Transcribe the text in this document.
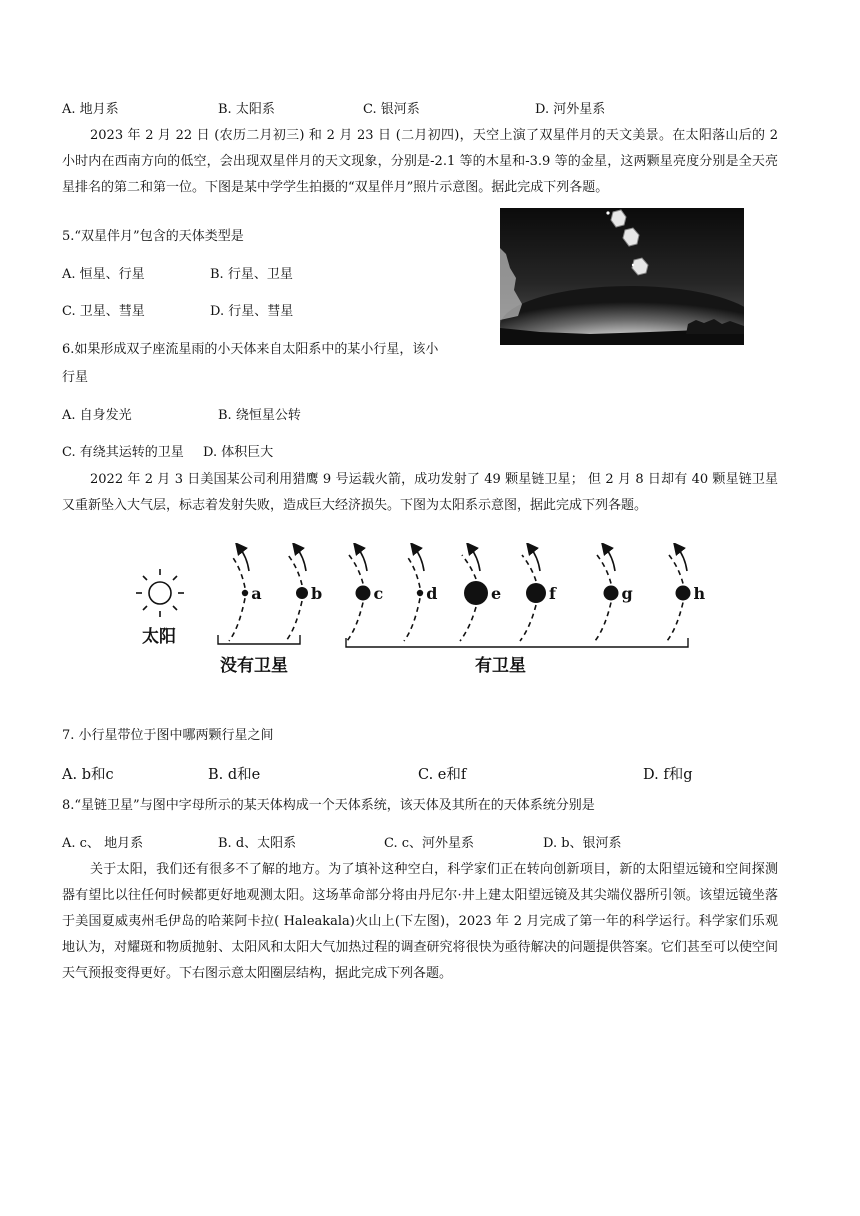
A. 地月系	B. 太阳系	C. 银河系	D. 河外星系
2023 年 2 月 22 日 (农历二月初三) 和 2 月 23 日 (二月初四)，天空上演了双星伴月的天文美景。在太阳落山后的 2 小时内在西南方向的低空，会出现双星伴月的天文现象，分别是-2.1 等的木星和-3.9 等的金星，这两颗星亮度分别是全天亮星排名的第二和第一位。下图是某中学学生拍摄的“双星伴月”照片示意图。据此完成下列各题。
5.“双星伴月”包含的天体类型是
A. 恒星、行星	B. 行星、卫星
C. 卫星、彗星	D. 行星、彗星
6.如果形成双子座流星雨的小天体来自太阳系中的某小行星，该小
行星
A. 自身发光	B. 绕恒星公转
C. 有绕其运转的卫星 D. 体积巨大
2022 年 2 月 3 日美国某公司利用猎鹰 9 号运载火箭，成功发射了 49 颗星链卫星； 但 2 月 8 日却有 40 颗星链卫星又重新坠入大气层，标志着发射失败，造成巨大经济损失。下图为太阳系示意图，据此完成下列各题。
太阳
a	b	c	d	e	f	g	h
没有卫星	有卫星
7. 小行星带位于图中哪两颗行星之间
A. b和c	B. d和e	C. e和f	D. f和g
8.“星链卫星”与图中字母所示的某天体构成一个天体系统，该天体及其所在的天体系统分别是
A. c、 地月系	B. d、太阳系	C. c、河外星系	D. b、银河系
关于太阳，我们还有很多不了解的地方。为了填补这种空白，科学家们正在转向创新项目，新的太阳望远镜和空间探测器有望比以往任何时候都更好地观测太阳。这场革命部分将由丹尼尔·井上建太阳望远镜及其尖端仪器所引领。该望远镜坐落于美国夏威夷州毛伊岛的哈莱阿卡拉( Haleakala)火山上(下左图)，2023 年 2 月完成了第一年的科学运行。科学家们乐观地认为，对耀斑和物质抛射、太阳风和太阳大气加热过程的调查研究将很快为亟待解决的问题提供答案。它们甚至可以使空间天气预报变得更好。下右图示意太阳圈层结构，据此完成下列各题。
